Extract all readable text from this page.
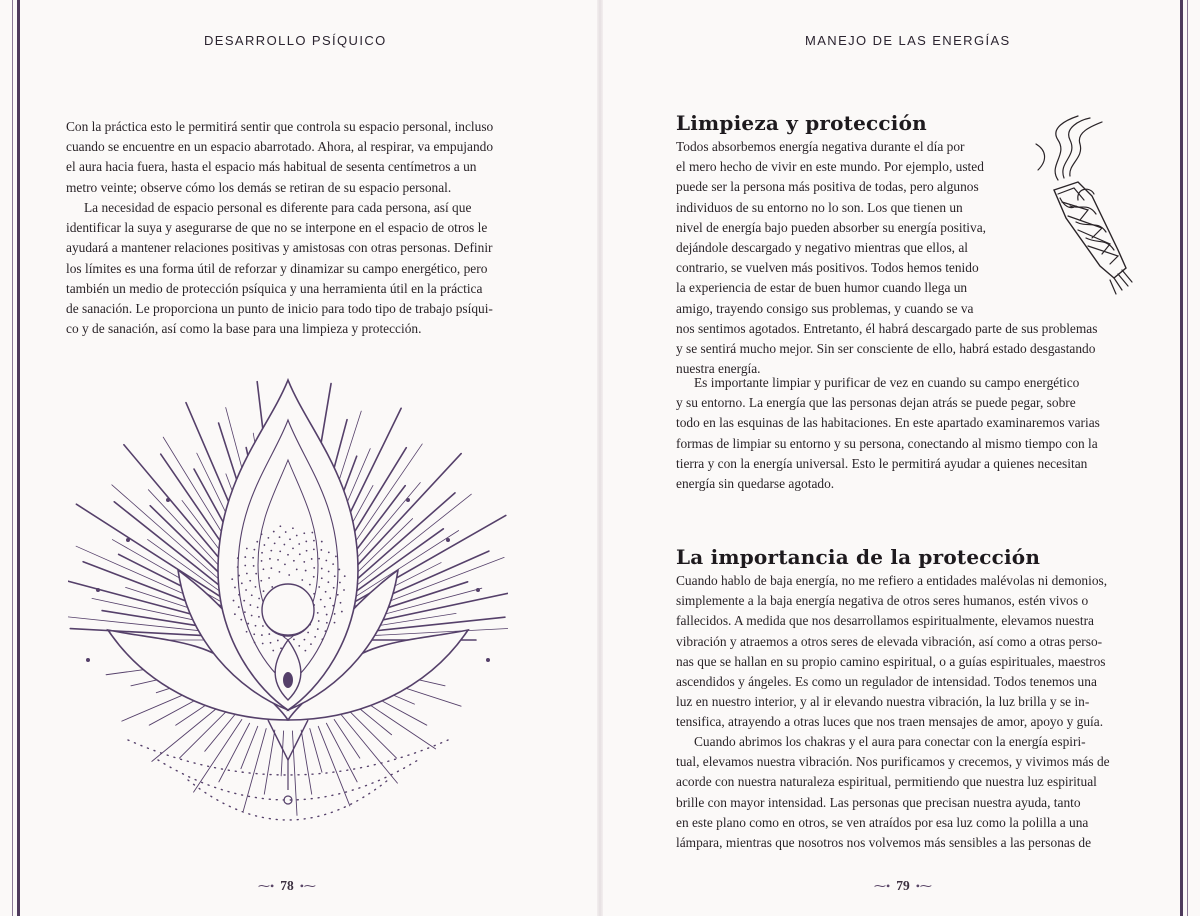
DESARROLLO PSÍQUICO

Con la práctica esto le permitirá sentir que controla su espacio personal, incluso
cuando se encuentre en un espacio abarrotado. Ahora, al respirar, va empujando
el aura hacia fuera, hasta el espacio más habitual de sesenta centímetros a un
metro veinte; observe cómo los demás se retiran de su espacio personal.

La necesidad de espacio personal es diferente para cada persona, así que
identificar la suya y asegurarse de que no se interpone en el espacio de otros le
ayudará a mantener relaciones positivas y amistosas con otras personas. Definir
los límites es una forma útil de reforzar y dinamizar su campo energético, pero
también un medio de protección psíquica y una herramienta útil en la práctica
de sanación. Le proporciona un punto de inicio para todo tipo de trabajo psíqui-
co y de sanación, así como la base para una limpieza y protección.

⁓• 78 •⁓
MANEJO DE LAS ENERGÍAS
Limpieza y protección

Todos absorbemos energía negativa durante el día por
el mero hecho de vivir en este mundo. Por ejemplo, usted
puede ser la persona más positiva de todas, pero algunos
individuos de su entorno no lo son. Los que tienen un
nivel de energía bajo pueden absorber su energía positiva,
dejándole descargado y negativo mientras que ellos, al
contrario, se vuelven más positivos. Todos hemos tenido
la experiencia de estar de buen humor cuando llega un
amigo, trayendo consigo sus problemas, y cuando se va
nos sentimos agotados. Entretanto, él habrá descargado parte de sus problemas
y se sentirá mucho mejor. Sin ser consciente de ello, habrá estado desgastando
nuestra energía.

Es importante limpiar y purificar de vez en cuando su campo energético
y su entorno. La energía que las personas dejan atrás se puede pegar, sobre
todo en las esquinas de las habitaciones. En este apartado examinaremos varias
formas de limpiar su entorno y su persona, conectando al mismo tiempo con la
tierra y con la energía universal. Esto le permitirá ayudar a quienes necesitan
energía sin quedarse agotado.

La importancia de la protección

Cuando hablo de baja energía, no me refiero a entidades malévolas ni demonios,
simplemente a la baja energía negativa de otros seres humanos, estén vivos o
fallecidos. A medida que nos desarrollamos espiritualmente, elevamos nuestra
vibración y atraemos a otros seres de elevada vibración, así como a otras perso-
nas que se hallan en su propio camino espiritual, o a guías espirituales, maestros
ascendidos y ángeles. Es como un regulador de intensidad. Todos tenemos una
luz en nuestro interior, y al ir elevando nuestra vibración, la luz brilla y se in-
tensifica, atrayendo a otras luces que nos traen mensajes de amor, apoyo y guía.

Cuando abrimos los chakras y el aura para conectar con la energía espiri-
tual, elevamos nuestra vibración. Nos purificamos y crecemos, y vivimos más de
acorde con nuestra naturaleza espiritual, permitiendo que nuestra luz espiritual
brille con mayor intensidad. Las personas que precisan nuestra ayuda, tanto
en este plano como en otros, se ven atraídos por esa luz como la polilla a una
lámpara, mientras que nosotros nos volvemos más sensibles a las personas de

⁓• 79 •⁓
